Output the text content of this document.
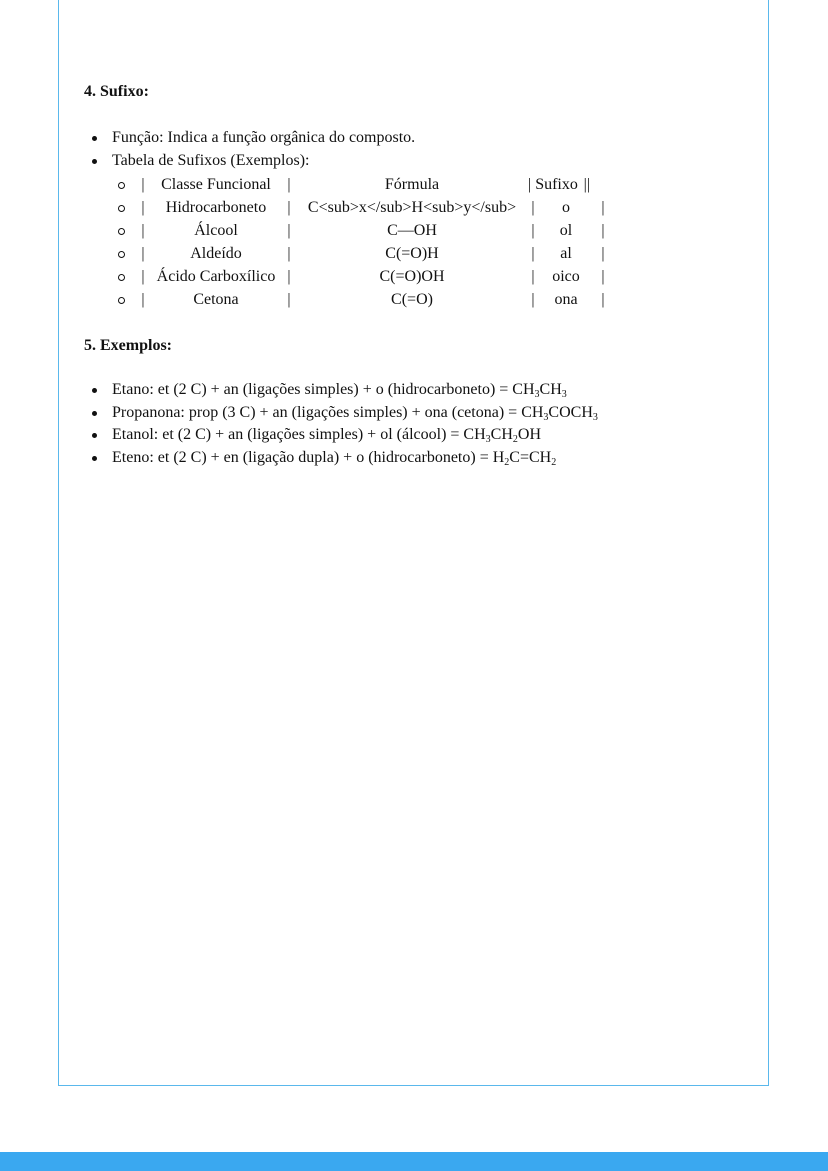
4. Sufixo:
Função: Indica a função orgânica do composto.
Tabela de Sufixos (Exemplos):
|	Classe Funcional	|	Fórmula	| Sufixo ||
|	Hidrocarboneto	|	C<sub>x</sub>H<sub>y</sub> |	o	|
|	Álcool	|	C—OH	|	ol	|
|	Aldeído	|	C(=O)H	|	al	|
| Ácido Carboxílico |	C(=O)OH	|	oico	|
|	Cetona	|	C(=O)	|	ona	|
5. Exemplos:
Etano: et (2 C) + an (ligações simples) + o (hidrocarboneto) = $CH_3CH_3$
Propanona: prop (3 C) + an (ligações simples) + ona (cetona) = $CH_3COCH_3$
Etanol: et (2 C) + an (ligações simples) + ol (álcool) = $CH_3CH_2OH$
Eteno: et (2 C) + en (ligação dupla) + o (hidrocarboneto) = $H_2C=CH_2$
